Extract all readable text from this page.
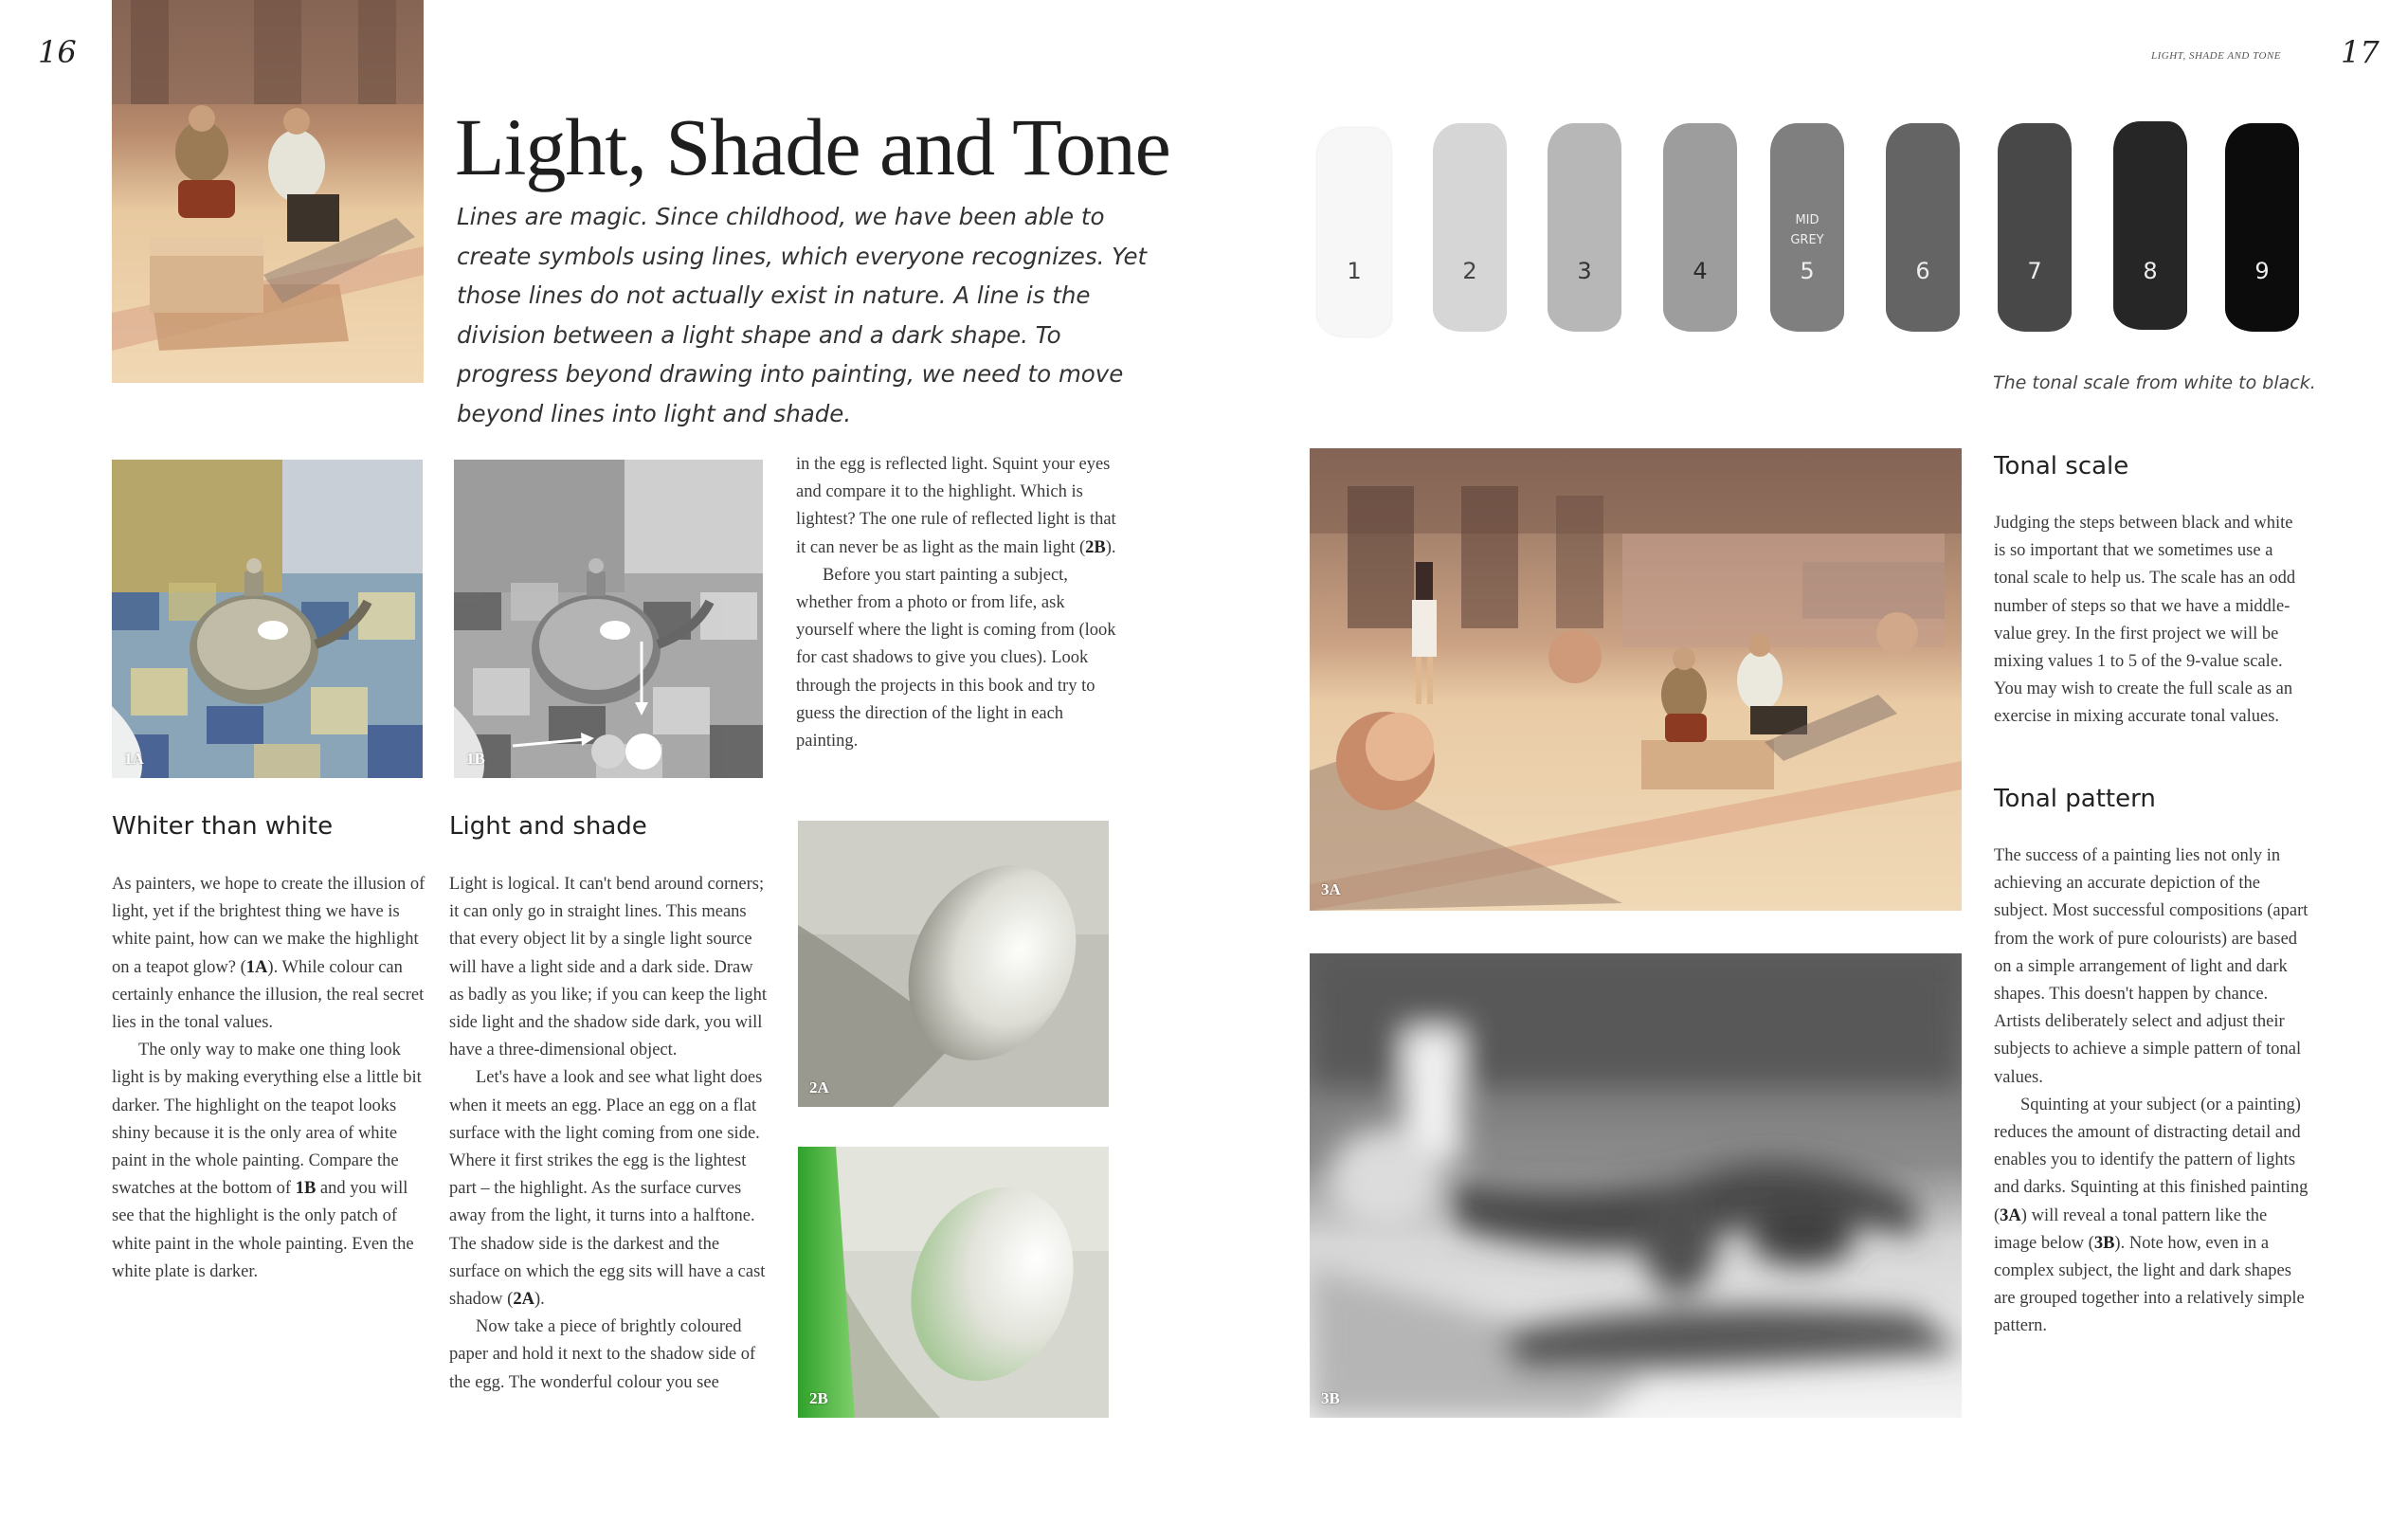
16
Light, Shade and Tone
Lines are magic. Since childhood, we have been able to create symbols using lines, which everyone recognizes. Yet those lines do not actually exist in nature. A line is the division between a light shape and a dark shape. To progress beyond drawing into painting, we need to move beyond lines into light and shade.
1A	1B

in the egg is reflected light. Squint your eyes and compare it to the highlight. Which is lightest? The one rule of reflected light is that it can never be as light as the main light (2B).

Before you start painting a subject, whether from a photo or from life, ask yourself where the light is coming from (look for cast shadows to give you clues). Look through the projects in this book and try to guess the direction of the light in each painting.

2A
2B
Whiter than white

As painters, we hope to create the illusion of light, yet if the brightest thing we have is white paint, how can we make the highlight on a teapot glow? (1A). While colour can certainly enhance the illusion, the real secret lies in the tonal values.

The only way to make one thing look light is by making everything else a little bit darker. The highlight on the teapot looks shiny because it is the only area of white paint in the whole painting. Compare the swatches at the bottom of 1B and you will see that the highlight is the only patch of white paint in the whole painting. Even the white plate is darker.

Light and shade

Light is logical. It can't bend around corners; it can only go in straight lines. This means that every object lit by a single light source will have a light side and a dark side. Draw as badly as you like; if you can keep the light side light and the shadow side dark, you will have a three-dimensional object.

Let's have a look and see what light does when it meets an egg. Place an egg on a flat surface with the light coming from one side. Where it first strikes the egg is the lightest part – the highlight. As the surface curves away from the light, it turns into a halftone. The shadow side is the darkest and the surface on which the egg sits will have a cast shadow (2A).

Now take a piece of brightly coloured paper and hold it next to the shadow side of the egg. The wonderful colour you see

LIGHT, SHADE AND TONE 17
1	2	3	4	5	6	7	8	9
MID
GREY
The tonal scale from white to black.
3A
3B
Tonal scale

Judging the steps between black and white is so important that we sometimes use a tonal scale to help us. The scale has an odd number of steps so that we have a middle-value grey. In the first project we will be mixing values 1 to 5 of the 9-value scale. You may wish to create the full scale as an exercise in mixing accurate tonal values.

Tonal pattern

The success of a painting lies not only in achieving an accurate depiction of the subject. Most successful compositions (apart from the work of pure colourists) are based on a simple arrangement of light and dark shapes. This doesn't happen by chance. Artists deliberately select and adjust their subjects to achieve a simple pattern of tonal values.

Squinting at your subject (or a painting) reduces the amount of distracting detail and enables you to identify the pattern of lights and darks. Squinting at this finished painting (3A) will reveal a tonal pattern like the image below (3B). Note how, even in a complex subject, the light and dark shapes are grouped together into a relatively simple pattern.
